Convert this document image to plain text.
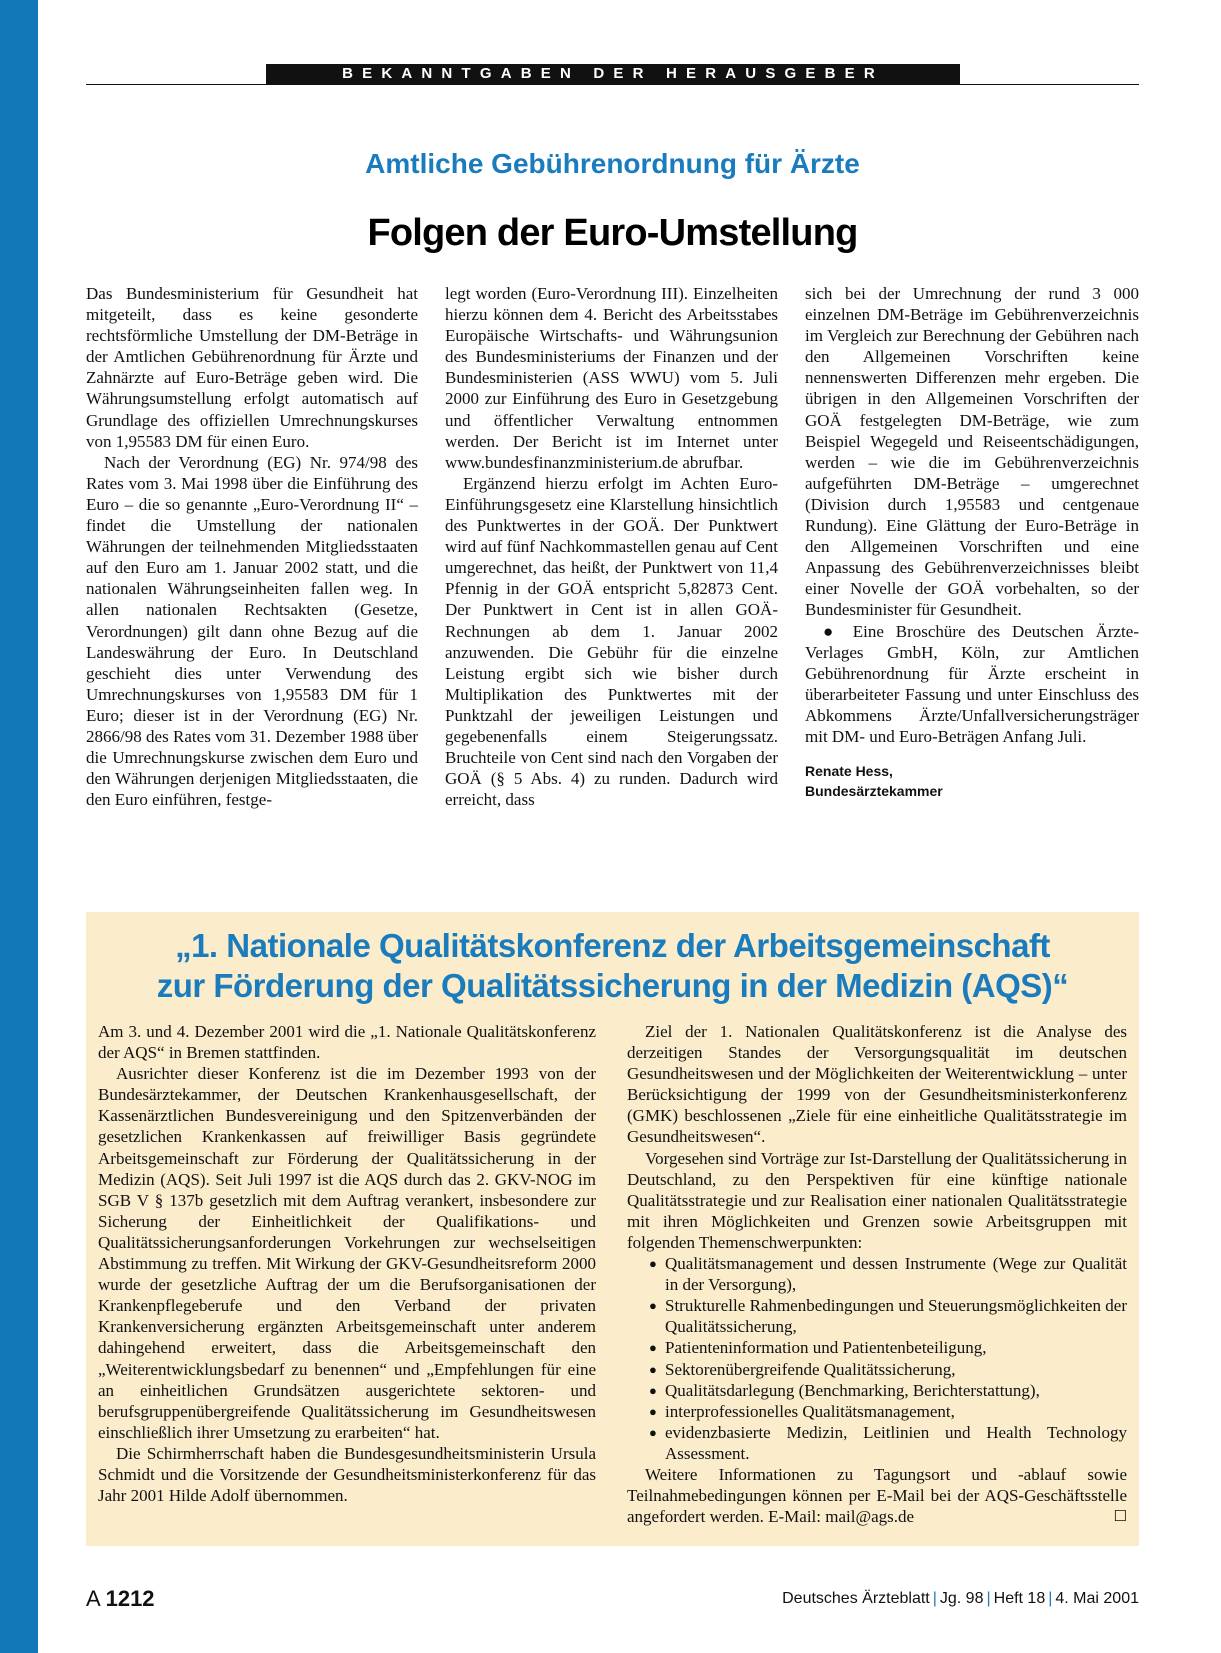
BEKANNTGABEN DER HERAUSGEBER
Amtliche Gebührenordnung für Ärzte
Folgen der Euro-Umstellung

Das Bundesministerium für Gesundheit hat mitgeteilt, dass es keine gesonderte rechtsförmliche Umstellung der DM-Beträge in der Amtlichen Gebührenordnung für Ärzte und Zahnärzte auf Euro-Beträge geben wird. Die Währungsumstellung erfolgt automatisch auf Grundlage des offiziellen Umrechnungskurses von 1,95583 DM für einen Euro.

Nach der Verordnung (EG) Nr. 974/98 des Rates vom 3. Mai 1998 über die Einführung des Euro – die so genannte „Euro-Verordnung II“ – findet die Umstellung der nationalen Währungen der teilnehmenden Mitgliedsstaaten auf den Euro am 1. Januar 2002 statt, und die nationalen Währungseinheiten fallen weg. In allen nationalen Rechtsakten (Gesetze, Verordnungen) gilt dann ohne Bezug auf die Landeswährung der Euro. In Deutschland geschieht dies unter Verwendung des Umrechnungskurses von 1,95583 DM für 1 Euro; dieser ist in der Verordnung (EG) Nr. 2866/98 des Rates vom 31. Dezember 1988 über die Umrechnungskurse zwischen dem Euro und den Währungen derjenigen Mitgliedsstaaten, die den Euro einführen, festge-

legt worden (Euro-Verordnung III). Einzelheiten hierzu können dem 4. Bericht des Arbeitsstabes Europäische Wirtschafts- und Währungsunion des Bundesministeriums der Finanzen und der Bundesministerien (ASS WWU) vom 5. Juli 2000 zur Einführung des Euro in Gesetzgebung und öffentlicher Verwaltung entnommen werden. Der Bericht ist im Internet unter www.bundesfinanzministerium.de abrufbar.

Ergänzend hierzu erfolgt im Achten Euro-Einführungsgesetz eine Klarstellung hinsichtlich des Punktwertes in der GOÄ. Der Punktwert wird auf fünf Nachkommastellen genau auf Cent umgerechnet, das heißt, der Punktwert von 11,4 Pfennig in der GOÄ entspricht 5,82873 Cent. Der Punktwert in Cent ist in allen GOÄ-Rechnungen ab dem 1. Januar 2002 anzuwenden. Die Gebühr für die einzelne Leistung ergibt sich wie bisher durch Multiplikation des Punktwertes mit der Punktzahl der jeweiligen Leistungen und gegebenenfalls einem Steigerungssatz. Bruchteile von Cent sind nach den Vorgaben der GOÄ (§ 5 Abs. 4) zu runden. Dadurch wird erreicht, dass

sich bei der Umrechnung der rund 3 000 einzelnen DM-Beträge im Gebührenverzeichnis im Vergleich zur Berechnung der Gebühren nach den Allgemeinen Vorschriften keine nennenswerten Differenzen mehr ergeben. Die übrigen in den Allgemeinen Vorschriften der GOÄ festgelegten DM-Beträge, wie zum Beispiel Wegegeld und Reiseentschädigungen, werden – wie die im Gebührenverzeichnis aufgeführten DM-Beträge – umgerechnet (Division durch 1,95583 und centgenaue Rundung). Eine Glättung der Euro-Beträge in den Allgemeinen Vorschriften und eine Anpassung des Gebührenverzeichnisses bleibt einer Novelle der GOÄ vorbehalten, so der Bundesminister für Gesundheit.

● Eine Broschüre des Deutschen Ärzte-Verlages GmbH, Köln, zur Amtlichen Gebührenordnung für Ärzte erscheint in überarbeiteter Fassung und unter Einschluss des Abkommens Ärzte/Unfallversicherungsträger mit DM- und Euro-Beträgen Anfang Juli.

Renate Hess,
Bundesärztekammer
„1. Nationale Qualitätskonferenz der Arbeitsgemeinschaft
zur Förderung der Qualitätssicherung in der Medizin (AQS)“

Am 3. und 4. Dezember 2001 wird die „1. Nationale Qualitätskonferenz der AQS“ in Bremen stattfinden.

Ausrichter dieser Konferenz ist die im Dezember 1993 von der Bundesärztekammer, der Deutschen Krankenhausgesellschaft, der Kassenärztlichen Bundesvereinigung und den Spitzenverbänden der gesetzlichen Krankenkassen auf freiwilliger Basis gegründete Arbeitsgemeinschaft zur Förderung der Qualitätssicherung in der Medizin (AQS). Seit Juli 1997 ist die AQS durch das 2. GKV-NOG im SGB V § 137b gesetzlich mit dem Auftrag verankert, insbesondere zur Sicherung der Einheitlichkeit der Qualifikations- und Qualitätssicherungsanforderungen Vorkehrungen zur wechselseitigen Abstimmung zu treffen. Mit Wirkung der GKV-Gesundheitsreform 2000 wurde der gesetzliche Auftrag der um die Berufsorganisationen der Krankenpflegeberufe und den Verband der privaten Krankenversicherung ergänzten Arbeitsgemeinschaft unter anderem dahingehend erweitert, dass die Arbeitsgemeinschaft den „Weiterentwicklungsbedarf zu benennen“ und „Empfehlungen für eine an einheitlichen Grundsätzen ausgerichtete sektoren- und berufsgruppenübergreifende Qualitätssicherung im Gesundheitswesen einschließlich ihrer Umsetzung zu erarbeiten“ hat.

Die Schirmherrschaft haben die Bundesgesundheitsministerin Ursula Schmidt und die Vorsitzende der Gesundheitsministerkonferenz für das Jahr 2001 Hilde Adolf übernommen.

Ziel der 1. Nationalen Qualitätskonferenz ist die Analyse des derzeitigen Standes der Versorgungsqualität im deutschen Gesundheitswesen und der Möglichkeiten der Weiterentwicklung – unter Berücksichtigung der 1999 von der Gesundheitsministerkonferenz (GMK) beschlossenen „Ziele für eine einheitliche Qualitätsstrategie im Gesundheitswesen“.

Vorgesehen sind Vorträge zur Ist-Darstellung der Qualitätssicherung in Deutschland, zu den Perspektiven für eine künftige nationale Qualitätsstrategie und zur Realisation einer nationalen Qualitätsstrategie mit ihren Möglichkeiten und Grenzen sowie Arbeitsgruppen mit folgenden Themenschwerpunkten:

● Qualitätsmanagement und dessen Instrumente (Wege zur Qualität in der Versorgung),
● Strukturelle Rahmenbedingungen und Steuerungsmöglichkeiten der Qualitätssicherung,
● Patienteninformation und Patientenbeteiligung,
● Sektorenübergreifende Qualitätssicherung,
● Qualitätsdarlegung (Benchmarking, Berichterstattung),
● interprofessionelles Qualitätsmanagement,
● evidenzbasierte Medizin, Leitlinien und Health Technology Assessment.

Weitere Informationen zu Tagungsort und -ablauf sowie Teilnahmebedingungen können per E-Mail bei der AQS-Geschäftsstelle angefordert werden. E-Mail: mail@ags.de	☐

A 1212	Deutsches Ärzteblatt | Jg. 98 | Heft 18 | 4. Mai 2001
